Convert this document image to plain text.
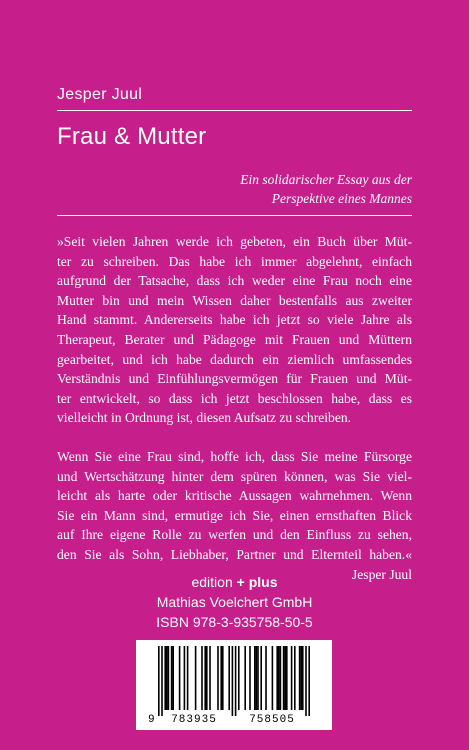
Jesper Juul
Frau & Mutter
Ein solidarischer Essay aus der
Perspektive eines Mannes
»Seit vielen Jahren werde ich gebeten, ein Buch über Müt-
ter zu schreiben. Das habe ich immer abgelehnt, einfach
aufgrund der Tatsache, dass ich weder eine Frau noch eine
Mutter bin und mein Wissen daher bestenfalls aus zweiter
Hand stammt. Andererseits habe ich jetzt so viele Jahre als
Therapeut, Berater und Pädagoge mit Frauen und Müttern
gearbeitet, und ich habe dadurch ein ziemlich umfassendes
Verständnis und Einfühlungsvermögen für Frauen und Müt-
ter entwickelt, so dass ich jetzt beschlossen habe, dass es
vielleicht in Ordnung ist, diesen Aufsatz zu schreiben.
Wenn Sie eine Frau sind, hoffe ich, dass Sie meine Fürsorge
und Wertschätzung hinter dem spüren können, was Sie viel-
leicht als harte oder kritische Aussagen wahrnehmen. Wenn
Sie ein Mann sind, ermutige ich Sie, einen ernsthaften Blick
auf Ihre eigene Rolle zu werfen und den Einfluss zu sehen,
den Sie als Sohn, Liebhaber, Partner und Elternteil haben.«
Jesper Juul
edition + plus
Mathias Voelchert GmbH
ISBN 978-3-935758-50-5
9 783935	758505
